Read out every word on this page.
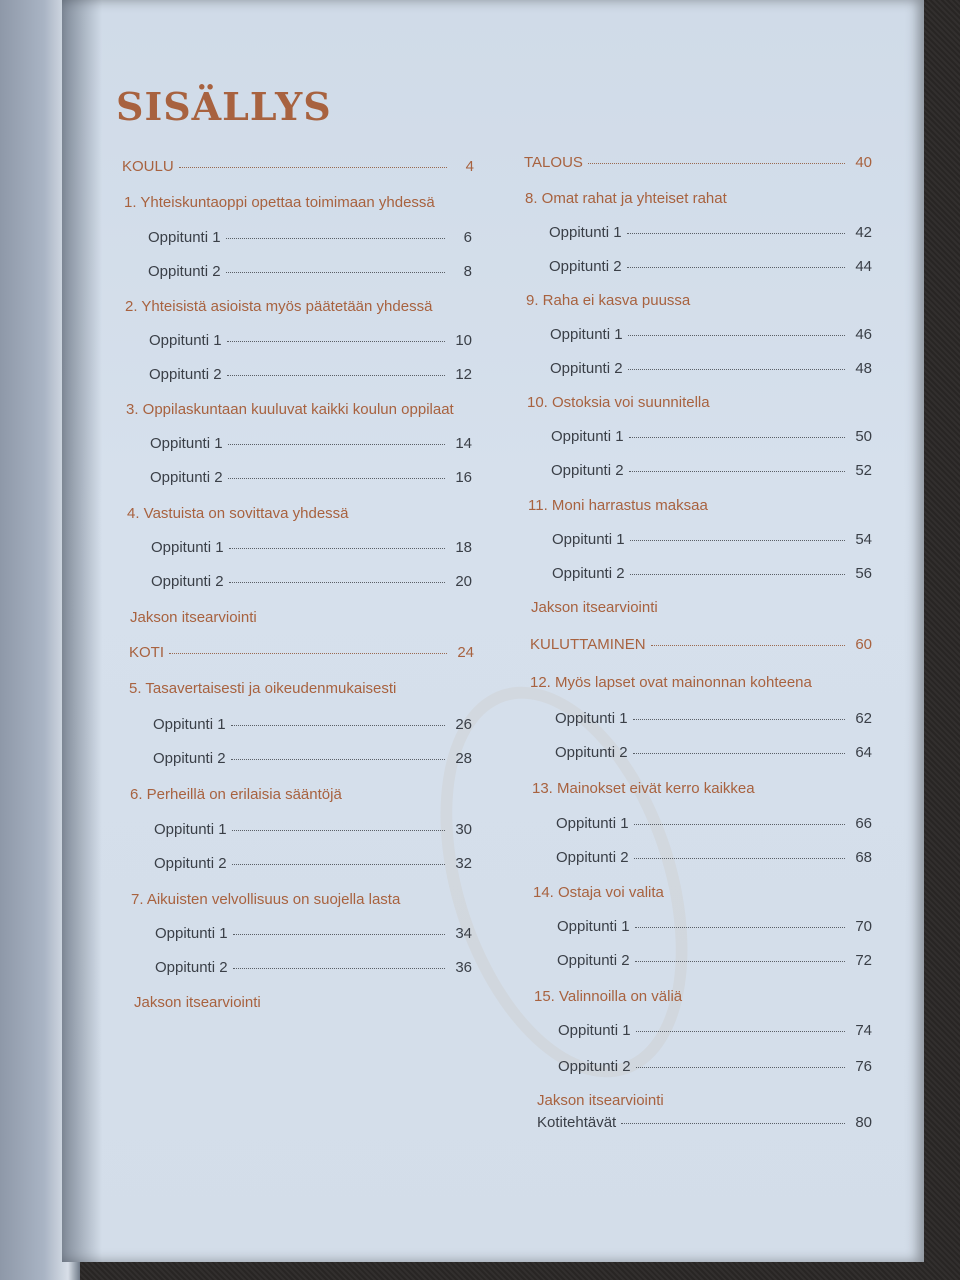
SISÄLLYS
KOULU	4
1. Yhteiskuntaoppi opettaa toimimaan yhdessä
Oppitunti 1	6
Oppitunti 2	8
2. Yhteisistä asioista myös päätetään yhdessä
Oppitunti 1	10
Oppitunti 2	12
3. Oppilaskuntaan kuuluvat kaikki koulun oppilaat
Oppitunti 1	14
Oppitunti 2	16
4. Vastuista on sovittava yhdessä
Oppitunti 1	18
Oppitunti 2	20
Jakson itsearviointi
KOTI	24
5. Tasavertaisesti ja oikeudenmukaisesti
Oppitunti 1	26
Oppitunti 2	28
6. Perheillä on erilaisia sääntöjä
Oppitunti 1	30
Oppitunti 2	32
7. Aikuisten velvollisuus on suojella lasta
Oppitunti 1	34
Oppitunti 2	36
Jakson itsearviointi
TALOUS	40
8. Omat rahat ja yhteiset rahat
Oppitunti 1	42
Oppitunti 2	44
9. Raha ei kasva puussa
Oppitunti 1	46
Oppitunti 2	48
10. Ostoksia voi suunnitella
Oppitunti 1	50
Oppitunti 2	52
11. Moni harrastus maksaa
Oppitunti 1	54
Oppitunti 2	56
Jakson itsearviointi
KULUTTAMINEN	60
12. Myös lapset ovat mainonnan kohteena
Oppitunti 1	62
Oppitunti 2	64
13. Mainokset eivät kerro kaikkea
Oppitunti 1	66
Oppitunti 2	68
14. Ostaja voi valita
Oppitunti 1	70
Oppitunti 2	72
15. Valinnoilla on väliä
Oppitunti 1	74
Oppitunti 2	76
Jakson itsearviointi
Kotitehtävät	80
